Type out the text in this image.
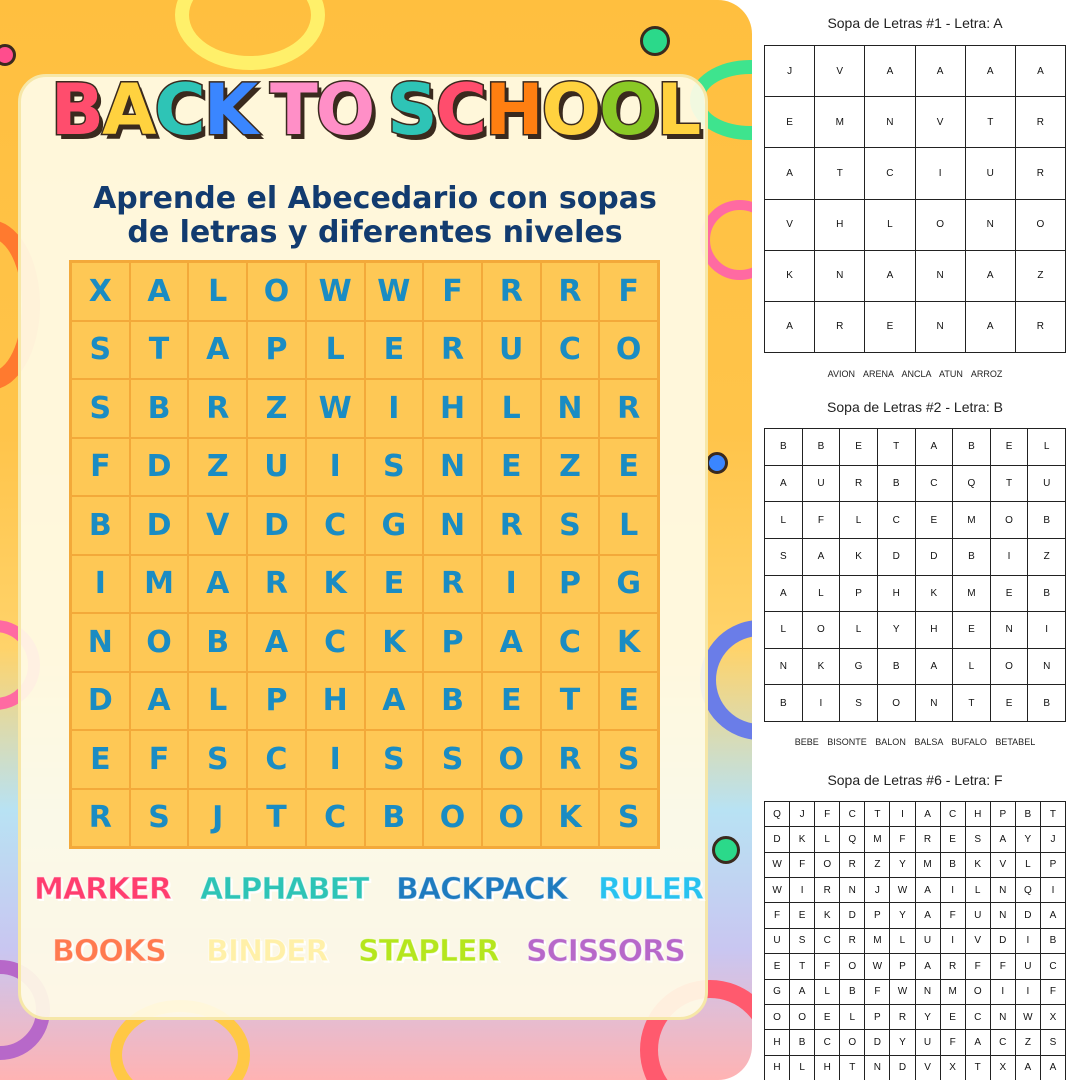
B A C K
T O
S C H O O L
Aprende el Abecedario con sopas
de letras y diferentes niveles
X	A	L	O W W	F	R	R	F
S	T	A	P	L	E	R	U	C	O
S	B	R	Z	W	I	H	L	N	R
F	D	Z	U	I	S	N	E	Z	E
B	D	V	D	C	G	N	R	S	L
I	M	A	R	K	E	R	I	P	G
N	O	B	A	C	K	P	A	C	K
D	A	L	P	H	A	B	E	T	E
E	F	S	C	I	S	S	O	R	S
R	S	J	T	C	B	O	O	K	S
MARKER ALPHABET BACKPACK RULER
BOOKS BINDER STAPLER SCISSORS
Sopa de Letras #1 - Letra: A
J	V	A	A	A	A
E	M	N	V	T	R
A	T	C	I	U	R
V	H	L	O	N	O
K	N	A	N	A	Z
A	R	E	N	A	R
AVION ARENA ANCLA ATUN ARROZ
Sopa de Letras #2 - Letra: B
B	B	E	T	A	B	E	L
A	U	R	B	C	Q	T	U
L	F	L	C	E	M	O	B
S	A	K	D	D	B	I	Z
A	L	P	H	K	M	E	B
L	O	L	Y	H	E	N	I
N	K	G	B	A	L	O	N
B	I	S	O	N	T	E	B
BEBE BISONTE BALON BALSA BUFALO BETABEL
Sopa de Letras #6 - Letra: F
Q	J	F	C	T	I	A	C	H	P	B	T
D	K	L	Q	M	F	R	E	S	A	Y	J
W	F	O	R	Z	Y	M	B	K	V	L	P
W	I	R	N	J	W	A	I	L	N	Q	I
F	E	K	D	P	Y	A	F	U	N	D	A
U	S	C	R	M	L	U	I	V	D	I	B
E	T	F	O	W	P	A	R	F	F	U	C
G	A	L	B	F	W	N	M	O	I	I	F
O	O	E	L	P	R	Y	E	C	N	W	X
H	B	C	O	D	Y	U	F	A	C	Z	S
H	L	H	T	N	D	V	X	T	X	A	A
